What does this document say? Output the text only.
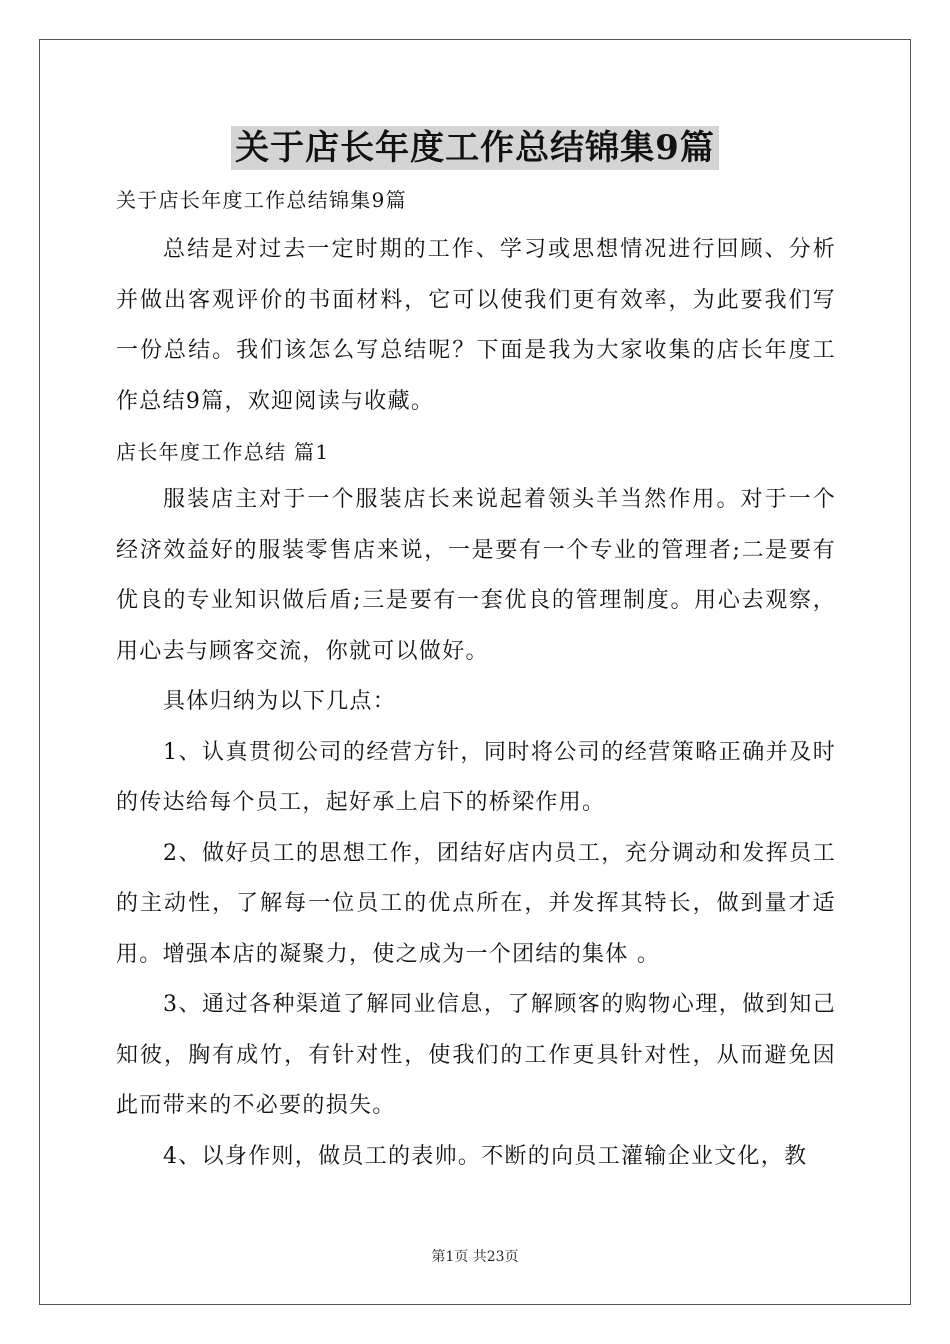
关于店长年度工作总结锦集9篇

关于店长年度工作总结锦集9篇

总结是对过去一定时期的工作、学习或思想情况进行回顾、分析并做出客观评价的书面材料，它可以使我们更有效率，为此要我们写一份总结。我们该怎么写总结呢？下面是我为大家收集的店长年度工作总结9篇，欢迎阅读与收藏。

店长年度工作总结 篇1

服装店主对于一个服装店长来说起着领头羊当然作用。对于一个经济效益好的服装零售店来说，一是要有一个专业的管理者;二是要有优良的专业知识做后盾;三是要有一套优良的管理制度。用心去观察，用心去与顾客交流，你就可以做好。

具体归纳为以下几点：

1、认真贯彻公司的经营方针，同时将公司的经营策略正确并及时的传达给每个员工，起好承上启下的桥梁作用。

2、做好员工的思想工作，团结好店内员工，充分调动和发挥员工的主动性，了解每一位员工的优点所在，并发挥其特长，做到量才适用。增强本店的凝聚力，使之成为一个团结的集体 。

3、通过各种渠道了解同业信息，了解顾客的购物心理，做到知己知彼，胸有成竹，有针对性，使我们的工作更具针对性，从而避免因此而带来的不必要的损失。

4、以身作则，做员工的表帅。不断的向员工灌输企业文化，教

第1页 共23页
